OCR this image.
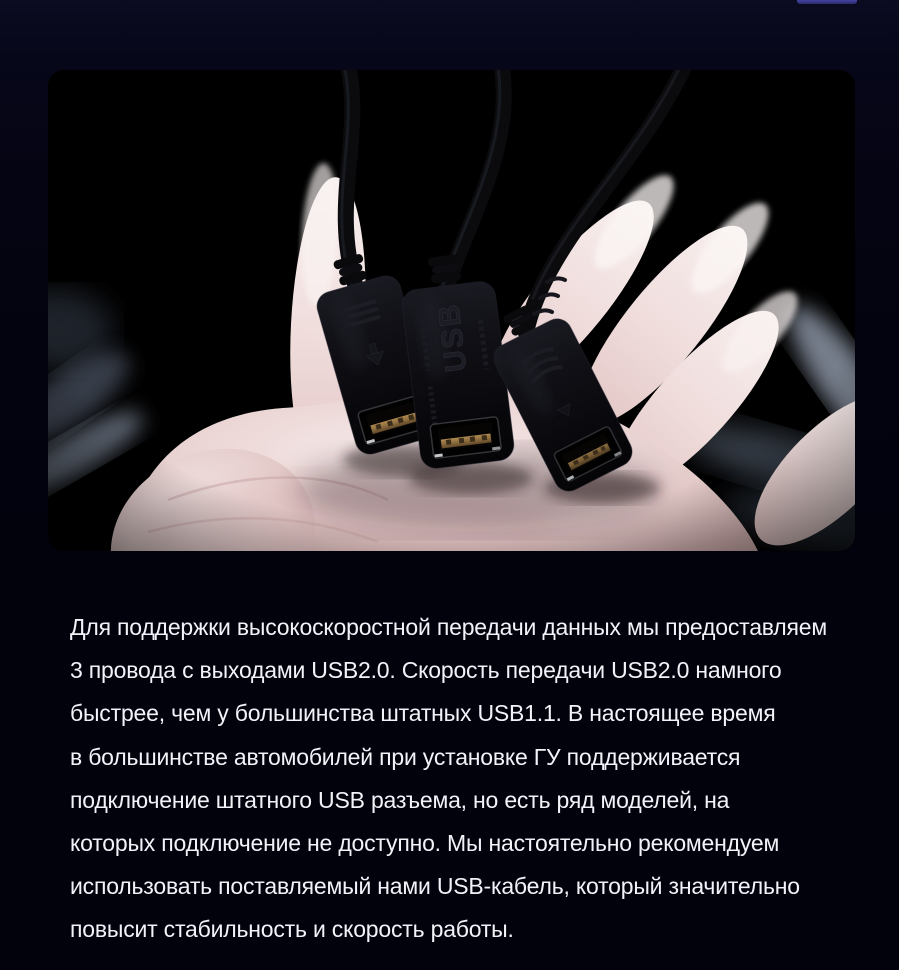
Для поддержки высокоскоростной передачи данных мы предоставляем
3 провода с выходами USB2.0. Скорость передачи USB2.0 намного
быстрее, чем у большинства штатных USB1.1. В настоящее время
в большинстве автомобилей при установке ГУ поддерживается
подключение штатного USB разъема, но есть ряд моделей, на
которых подключение не доступно. Мы настоятельно рекомендуем
использовать поставляемый нами USB-кабель, который значительно
повысит стабильность и скорость работы.
